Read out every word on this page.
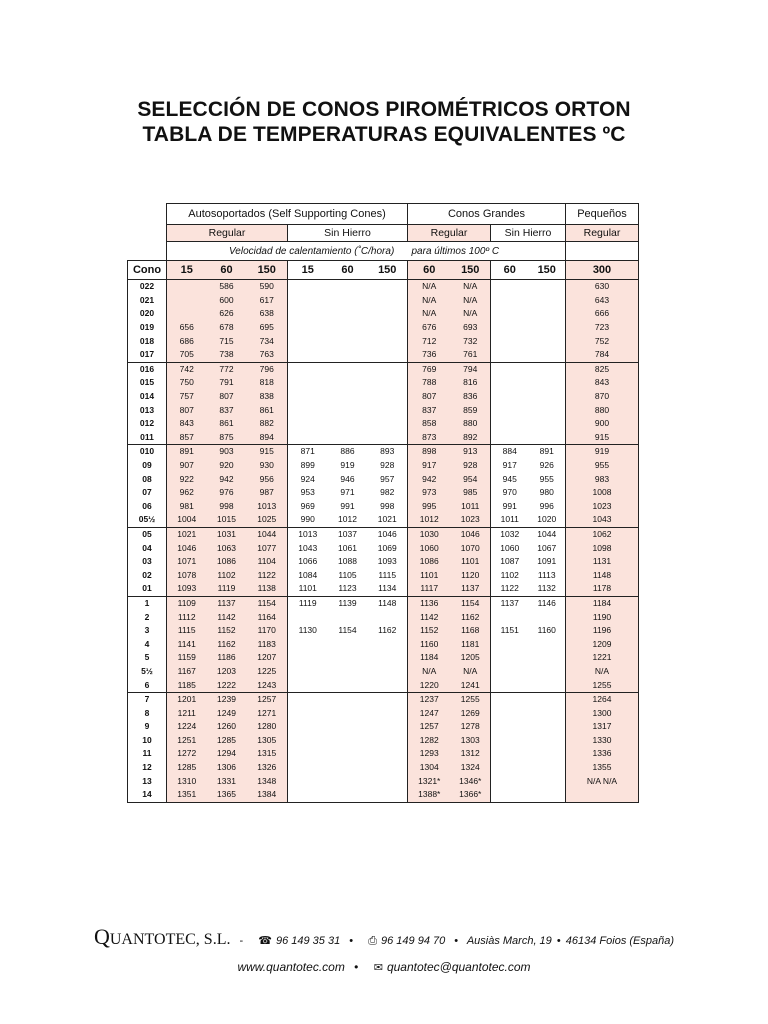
SELECCIÓN DE CONOS PIROMÉTRICOS ORTON
TABLA DE TEMPERATURAS EQUIVALENTES ºC
	Autosoportados (Self Supporting Cones)						Conos Grandes				Pequeños
	Regular			Sin Hierro			Regular		Sin Hierro		Regular
	Velocidad de calentamiento (˚C/hora)						para últimos 100º C				
Cono	15	60	150	15	60	150	60	150	60	150	300
022		586	590				N/A	N/A			630
021		600	617				N/A	N/A			643
020		626	638				N/A	N/A			666
019	656	678	695				676	693			723
018	686	715	734				712	732			752
017	705	738	763				736	761			784
016	742	772	796				769	794			825
015	750	791	818				788	816			843
014	757	807	838				807	836			870
013	807	837	861				837	859			880
012	843	861	882				858	880			900
011	857	875	894				873	892			915
010	891	903	915	871	886	893	898	913	884	891	919
09	907	920	930	899	919	928	917	928	917	926	955
08	922	942	956	924	946	957	942	954	945	955	983
07	962	976	987	953	971	982	973	985	970	980	1008
06	981	998	1013	969	991	998	995	1011	991	996	1023
05½	1004	1015	1025	990	1012	1021	1012	1023	1011	1020	1043
05	1021	1031	1044	1013	1037	1046	1030	1046	1032	1044	1062
04	1046	1063	1077	1043	1061	1069	1060	1070	1060	1067	1098
03	1071	1086	1104	1066	1088	1093	1086	1101	1087	1091	1131
02	1078	1102	1122	1084	1105	1115	1101	1120	1102	1113	1148
01	1093	1119	1138	1101	1123	1134	1117	1137	1122	1132	1178
1	1109	1137	1154	1119	1139	1148	1136	1154	1137	1146	1184
2	1112	1142	1164				1142	1162			1190
3	1115	1152	1170	1130	1154	1162	1152	1168	1151	1160	1196
4	1141	1162	1183				1160	1181			1209
5	1159	1186	1207				1184	1205			1221
5½	1167	1203	1225				N/A	N/A			N/A
6	1185	1222	1243				1220	1241			1255
7	1201	1239	1257				1237	1255			1264
8	1211	1249	1271				1247	1269			1300
9	1224	1260	1280				1257	1278			1317
10	1251	1285	1305				1282	1303			1330
11	1272	1294	1315				1293	1312			1336
12	1285	1306	1326				1304	1324			1355
13	1310	1331	1348				1321*	1346*			N/A N/A
14	1351	1365	1384				1388*	1366*			
QUANTOTEC, S.L. - ☎ 96 149 35 31 • ⎙ 96 149 94 70 • Ausiàs March, 19 • 46134 Foios (España)
www.quantotec.com • ✉ quantotec@quantotec.com
